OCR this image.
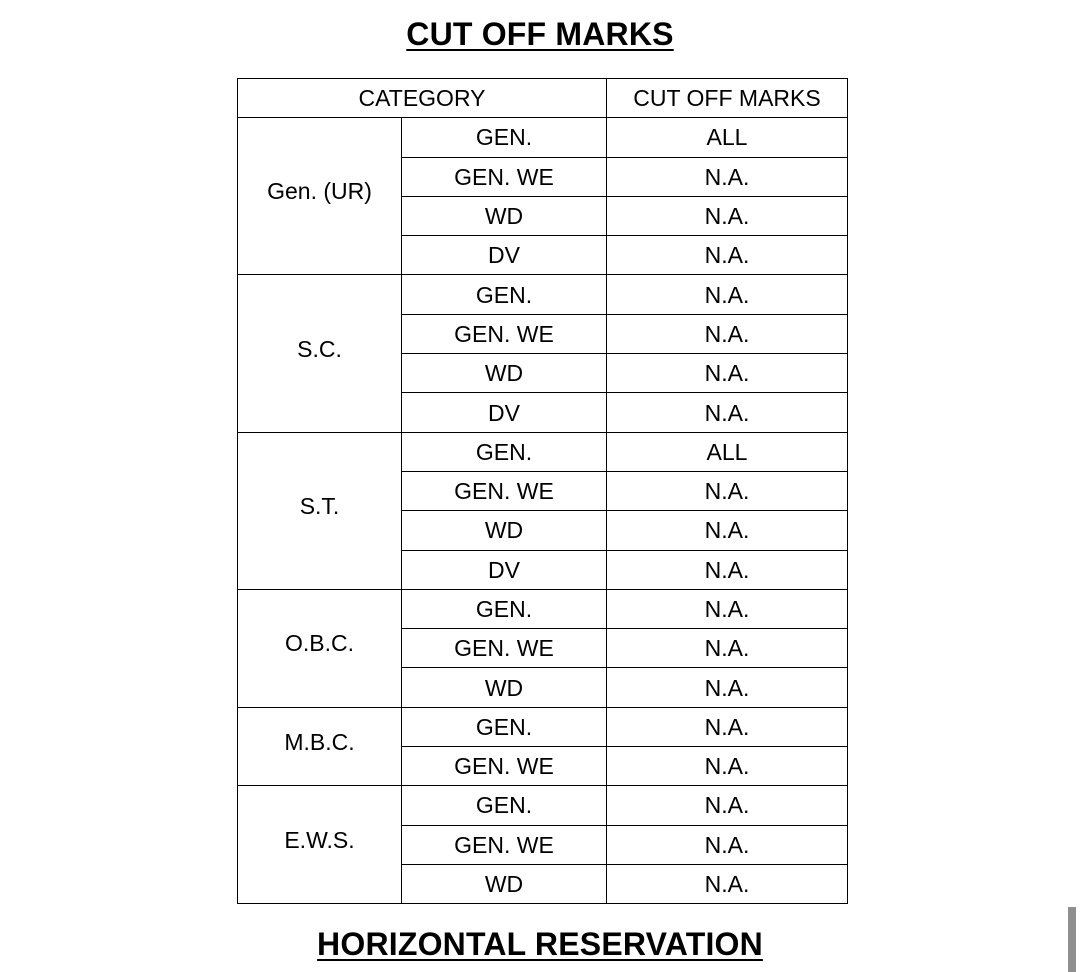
CUT OFF MARKS
CATEGORY		CUT OFF MARKS
Gen. (UR)	GEN.	ALL
	GEN. WE	N.A.
	WD	N.A.
	DV	N.A.
S.C.	GEN.	N.A.
	GEN. WE	N.A.
	WD	N.A.
	DV	N.A.
S.T.	GEN.	ALL
	GEN. WE	N.A.
	WD	N.A.
	DV	N.A.
O.B.C.	GEN.	N.A.
	GEN. WE	N.A.
	WD	N.A.
M.B.C.	GEN.	N.A.
	GEN. WE	N.A.
E.W.S.	GEN.	N.A.
	GEN. WE	N.A.
	WD	N.A.
HORIZONTAL RESERVATION
